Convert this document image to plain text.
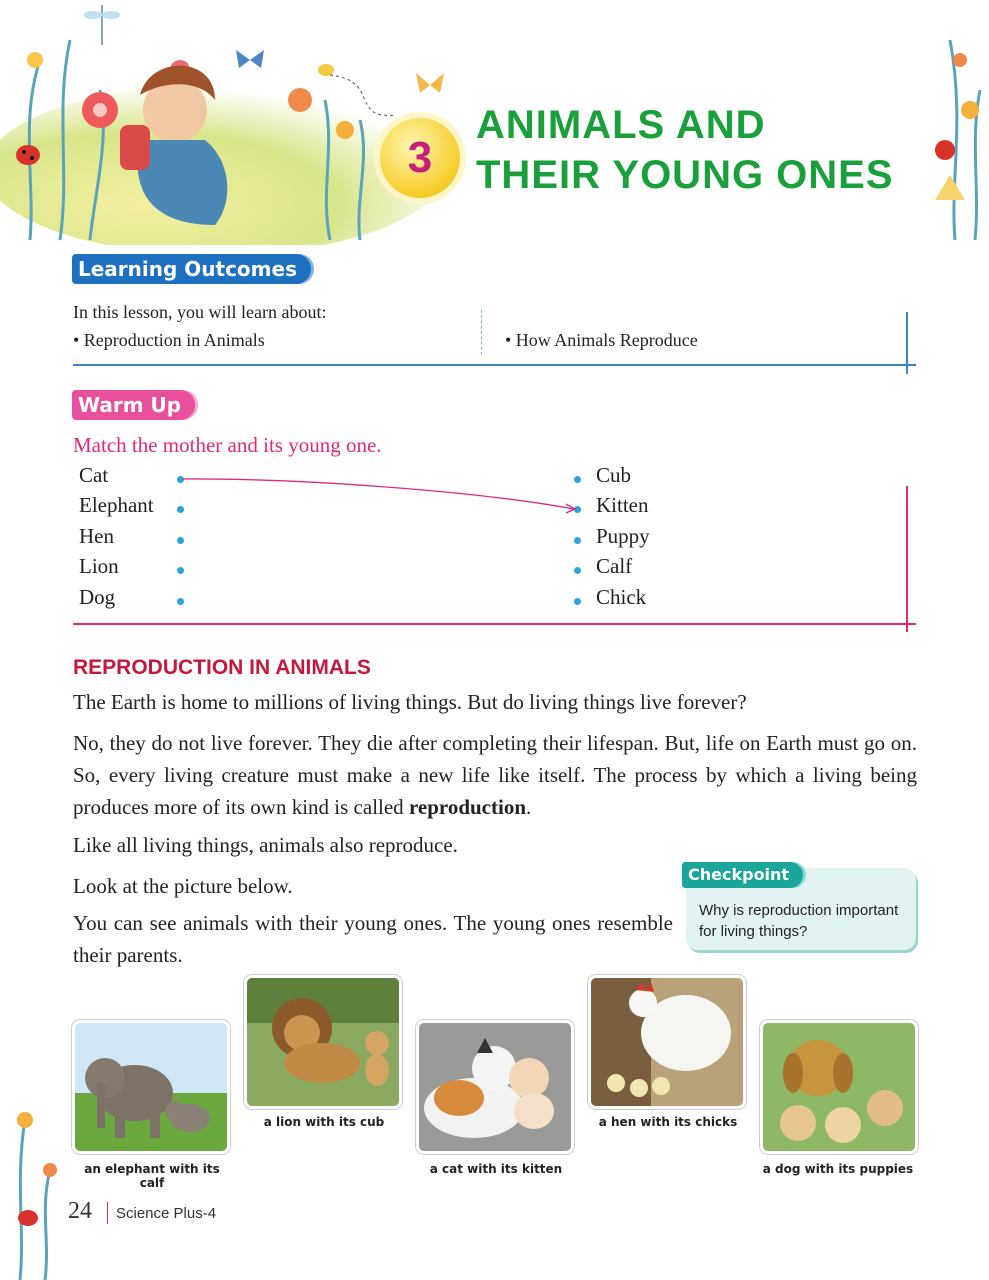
3
ANIMALS AND
THEIR YOUNG ONES
Learning Outcomes
In this lesson, you will learn about:
• Reproduction in Animals	• How Animals Reproduce
Warm Up
Match the mother and its young one.
Cat
Elephant
Hen
Lion
Dog
Cub
Kitten
Puppy
Calf
Chick
REPRODUCTION IN ANIMALS
The Earth is home to millions of living things. But do living things live forever?
No, they do not live forever. They die after completing their lifespan. But, life on Earth must go on. So, every living creature must make a new life like itself. The process by which a living being produces more of its own kind is called reproduction.
Like all living things, animals also reproduce.
Look at the picture below.
You can see animals with their young ones. The young ones resemble their parents.
Checkpoint
Why is reproduction important for living things?
an elephant with its calf
a lion with its cub
a cat with its kitten
a hen with its chicks
a dog with its puppies
24 Science Plus-4
